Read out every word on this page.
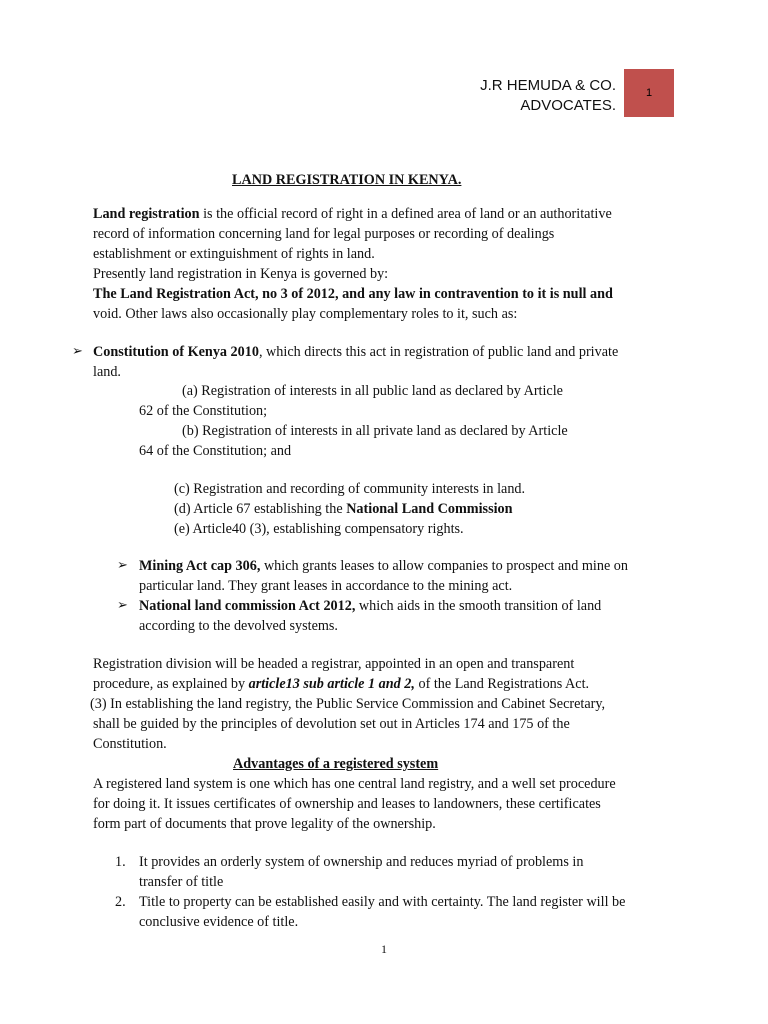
J.R HEMUDA & CO.
ADVOCATES.
1
LAND REGISTRATION IN KENYA.
Land registration is the official record of right in a defined area of land or an authoritative
record of information concerning land for legal purposes or recording of dealings
establishment or extinguishment of rights in land.
Presently land registration in Kenya is governed by:
The Land Registration Act, no 3 of 2012, and any law in contravention to it is null and
void. Other laws also occasionally play complementary roles to it, such as:
➢ Constitution of Kenya 2010, which directs this act in registration of public land and private
land.
(a) Registration of interests in all public land as declared by Article
62 of the Constitution;
(b) Registration of interests in all private land as declared by Article
64 of the Constitution; and
(c) Registration and recording of community interests in land.
(d) Article 67 establishing the National Land Commission
(e) Article40 (3), establishing compensatory rights.
➢ Mining Act cap 306, which grants leases to allow companies to prospect and mine on
particular land. They grant leases in accordance to the mining act.
➢ National land commission Act 2012, which aids in the smooth transition of land
according to the devolved systems.
Registration division will be headed a registrar, appointed in an open and transparent
procedure, as explained by article13 sub article 1 and 2, of the Land Registrations Act.
(3) In establishing the land registry, the Public Service Commission and Cabinet Secretary,
shall be guided by the principles of devolution set out in Articles 174 and 175 of the
Constitution.
Advantages of a registered system
A registered land system is one which has one central land registry, and a well set procedure
for doing it. It issues certificates of ownership and leases to landowners, these certificates
form part of documents that prove legality of the ownership.
1. It provides an orderly system of ownership and reduces myriad of problems in
transfer of title
2. Title to property can be established easily and with certainty. The land register will be
conclusive evidence of title.
1
